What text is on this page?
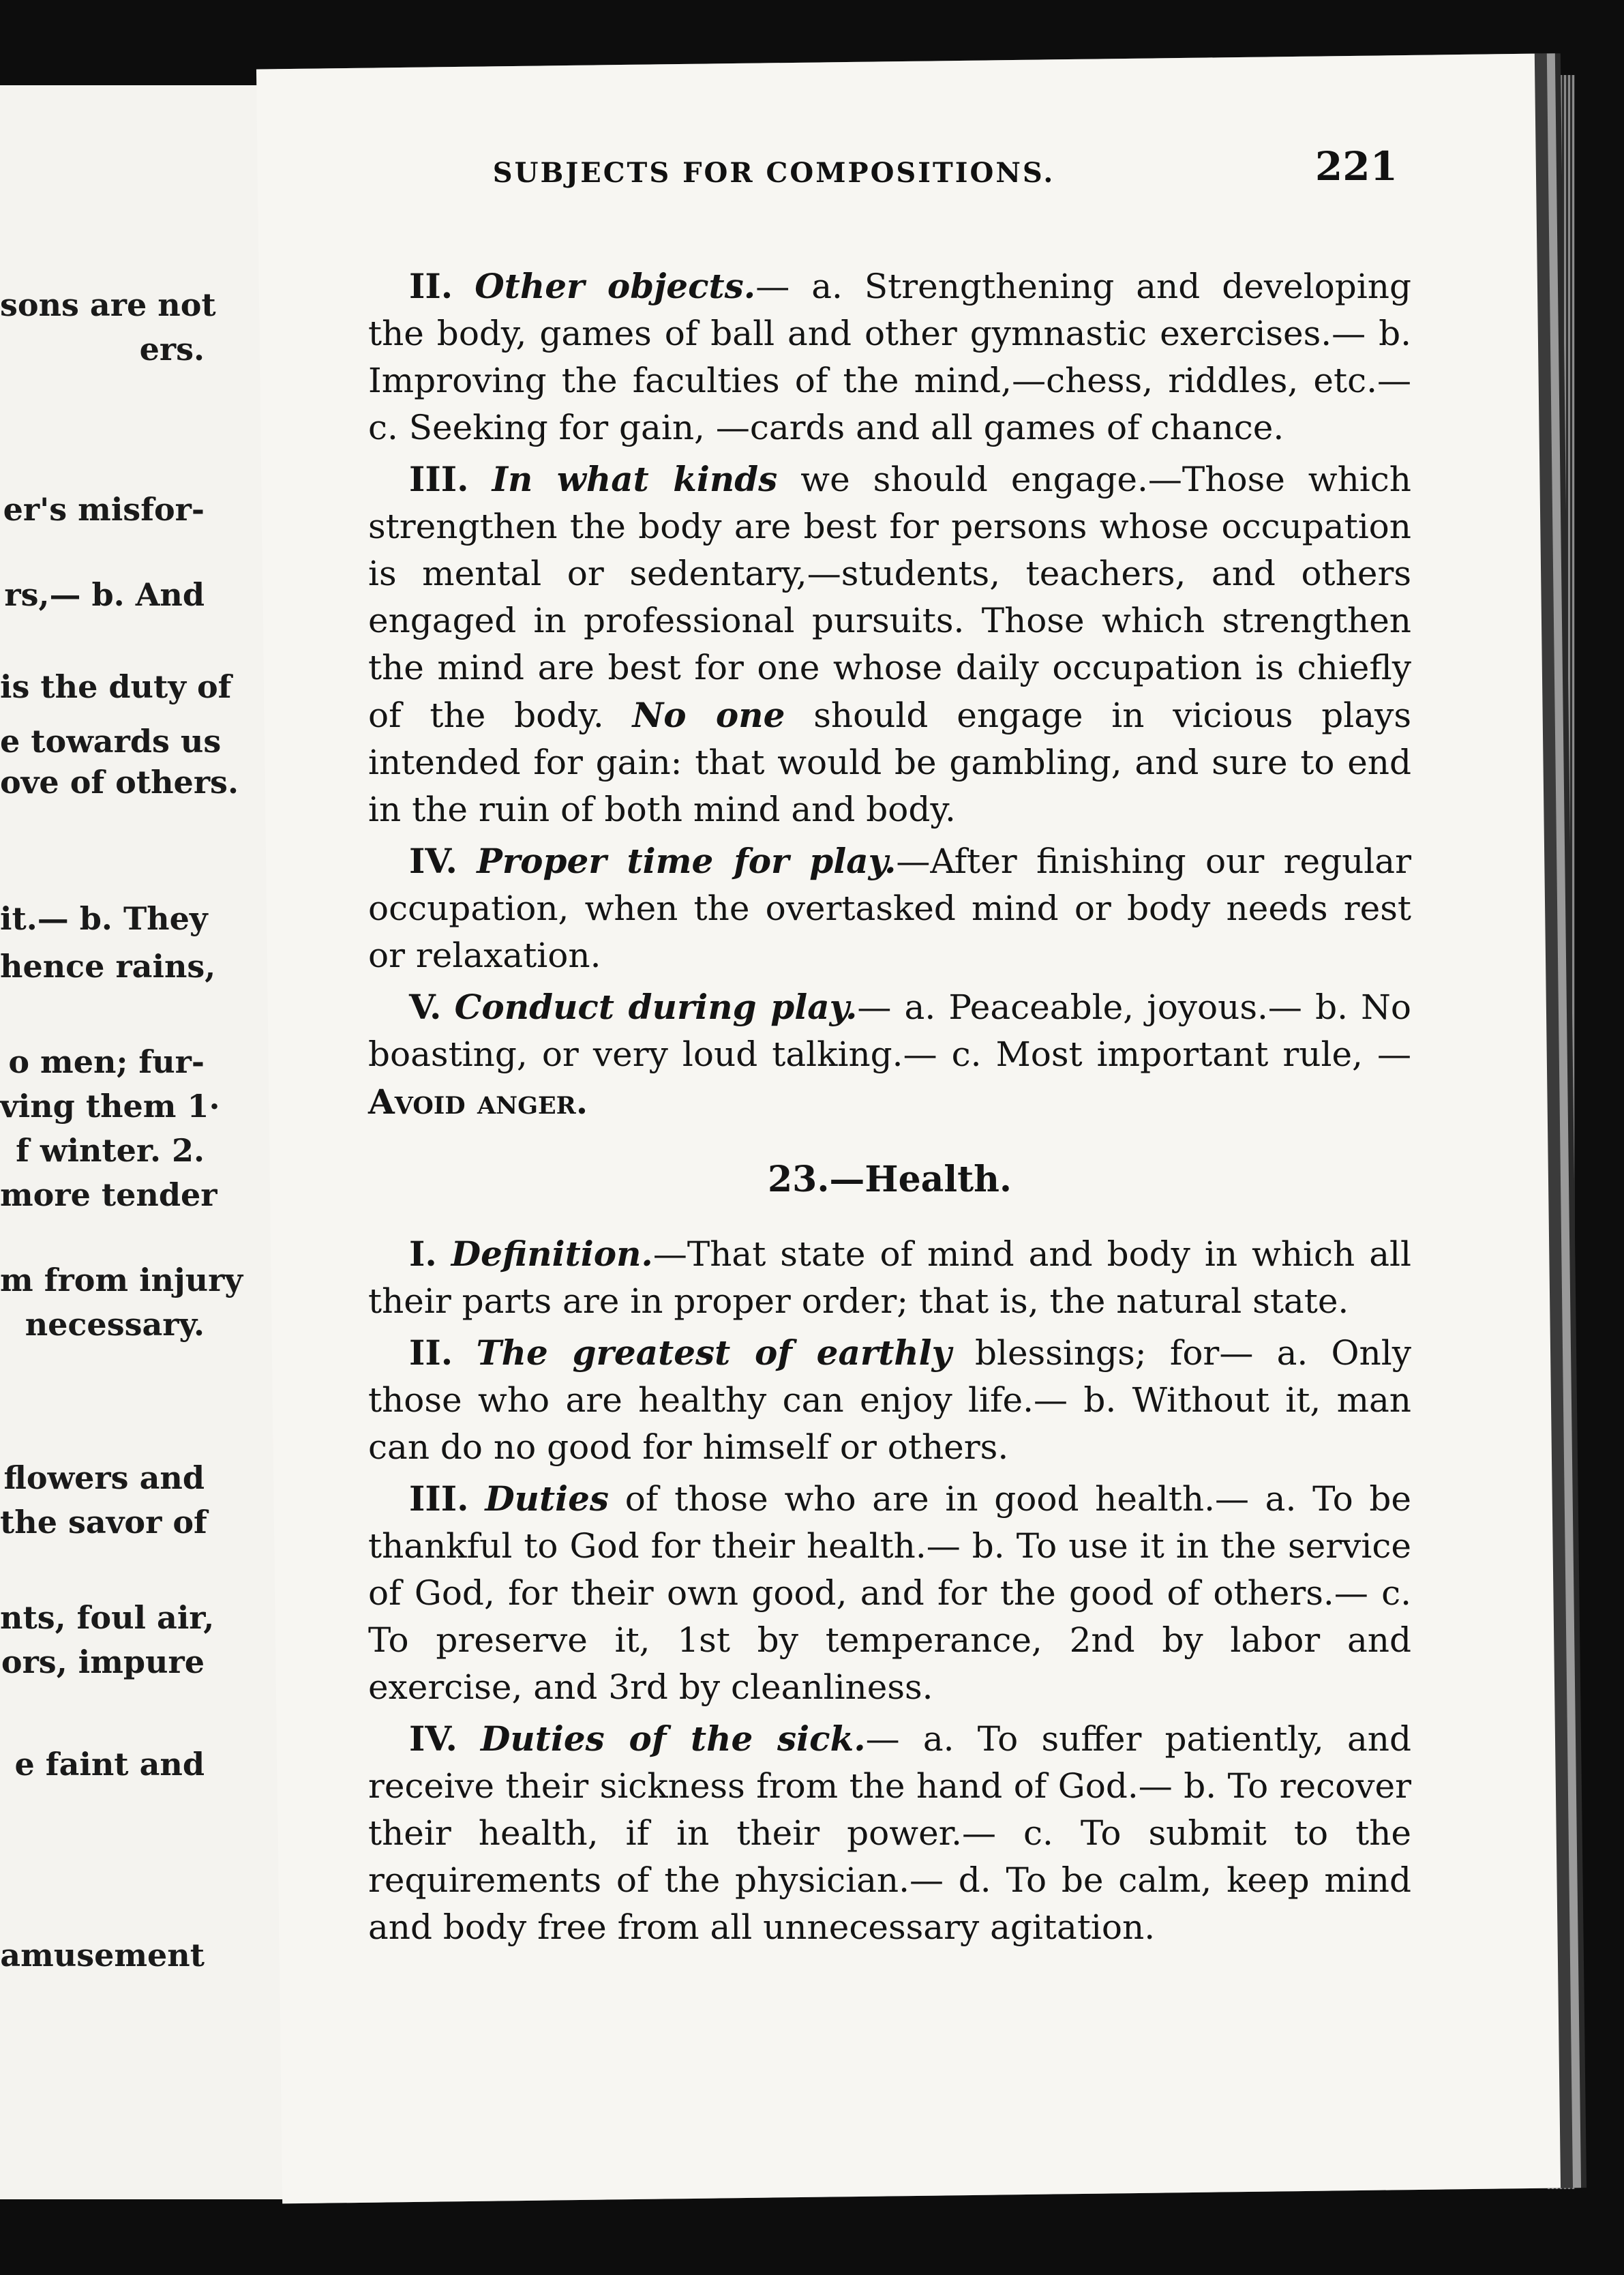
sons are not
ers.
er's misfor-
rs,— b. And
is the duty of
e towards us
ove of others.
it.— b. They
hence rains,
o men; fur-
ving them 1·
f winter. 2.
more tender
m from injury
necessary.
flowers and
the savor of
nts, foul air,
ors, impure
e faint and
amusement
SUBJECTS FOR COMPOSITIONS.	221

II. Other objects.— a. Strengthening and developing the body, games of ball and other gymnastic exercises.— b. Improving the faculties of the mind,—chess, riddles, etc.— c. Seeking for gain, —cards and all games of chance.

III. In what kinds we should engage.—Those which strengthen the body are best for persons whose occupation is mental or sedentary,—students, teachers, and others engaged in professional pursuits. Those which strengthen the mind are best for one whose daily occupation is chiefly of the body. No one should engage in vicious plays intended for gain: that would be gambling, and sure to end in the ruin of both mind and body.

IV. Proper time for play.—After finishing our regular occupation, when the overtasked mind or body needs rest or relaxation.

V. Conduct during play.— a. Peaceable, joyous.— b. No boasting, or very loud talking.— c. Most important rule, —Avoid anger.

23.—Health.

I. Definition.—That state of mind and body in which all their parts are in proper order; that is, the natural state.

II. The greatest of earthly blessings; for— a. Only those who are healthy can enjoy life.— b. Without it, man can do no good for himself or others.

III. Duties of those who are in good health.— a. To be thankful to God for their health.— b. To use it in the service of God, for their own good, and for the good of others.— c. To preserve it, 1st by temperance, 2nd by labor and exercise, and 3rd by cleanliness.

IV. Duties of the sick.— a. To suffer patiently, and receive their sickness from the hand of God.— b. To recover their health, if in their power.— c. To submit to the requirements of the physician.— d. To be calm, keep mind and body free from all unnecessary agitation.
